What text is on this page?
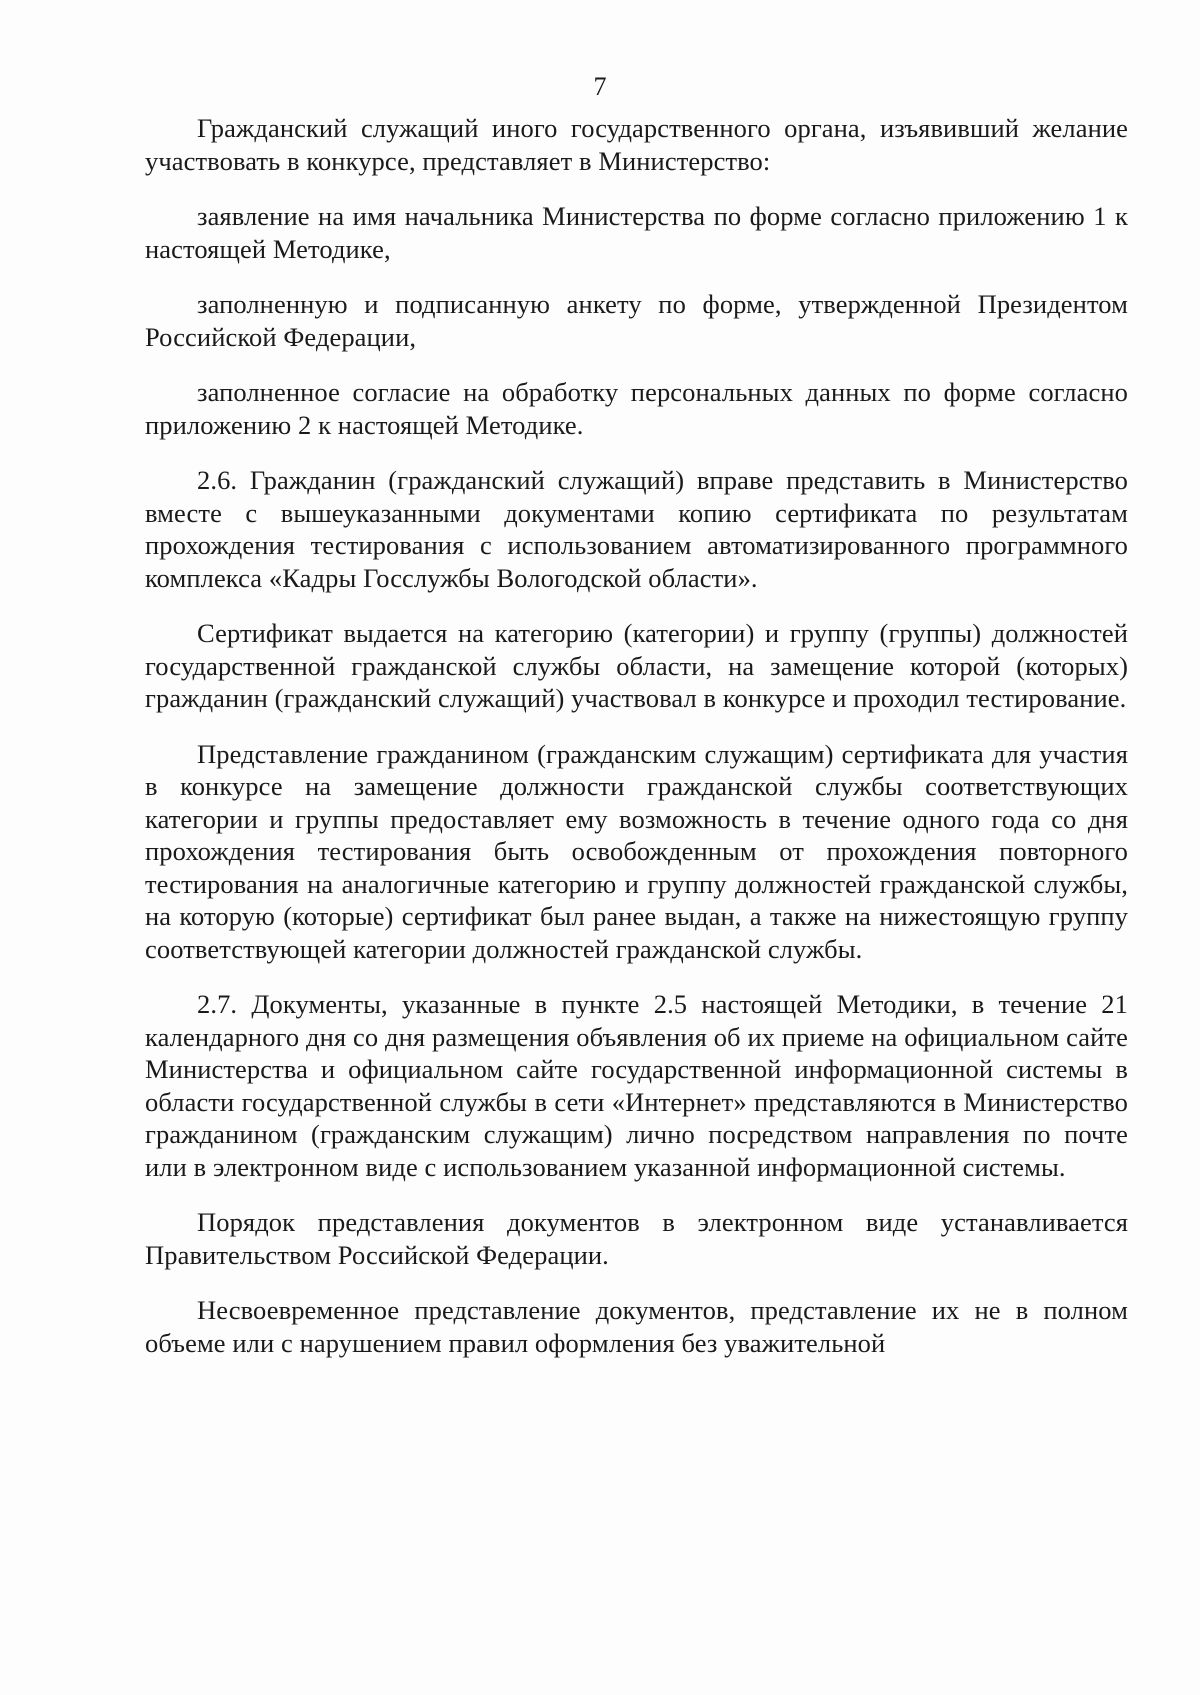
7

Гражданский служащий иного государственного органа, изъявивший желание участвовать в конкурсе, представляет в Министерство:

заявление на имя начальника Министерства по форме согласно приложению 1 к настоящей Методике,

заполненную и подписанную анкету по форме, утвержденной Президентом Российской Федерации,

заполненное согласие на обработку персональных данных по форме согласно приложению 2 к настоящей Методике.

2.6. Гражданин (гражданский служащий) вправе представить в Министерство вместе с вышеуказанными документами копию сертификата по результатам прохождения тестирования с использованием автоматизированного программного комплекса «Кадры Госслужбы Вологодской области».

Сертификат выдается на категорию (категории) и группу (группы) должностей государственной гражданской службы области, на замещение которой (которых) гражданин (гражданский служащий) участвовал в конкурсе и проходил тестирование.

Представление гражданином (гражданским служащим) сертификата для участия в конкурсе на замещение должности гражданской службы соответствующих категории и группы предоставляет ему возможность в течение одного года со дня прохождения тестирования быть освобожденным от прохождения повторного тестирования на аналогичные категорию и группу должностей гражданской службы, на которую (которые) сертификат был ранее выдан, а также на нижестоящую группу соответствующей категории должностей гражданской службы.

2.7. Документы, указанные в пункте 2.5 настоящей Методики, в течение 21 календарного дня со дня размещения объявления об их приеме на официальном сайте Министерства и официальном сайте государственной информационной системы в области государственной службы в сети «Интернет» представляются в Министерство гражданином (гражданским служащим) лично посредством направления по почте или в электронном виде с использованием указанной информационной системы.

Порядок представления документов в электронном виде устанавливается Правительством Российской Федерации.

Несвоевременное представление документов, представление их не в полном объеме или с нарушением правил оформления без уважительной
